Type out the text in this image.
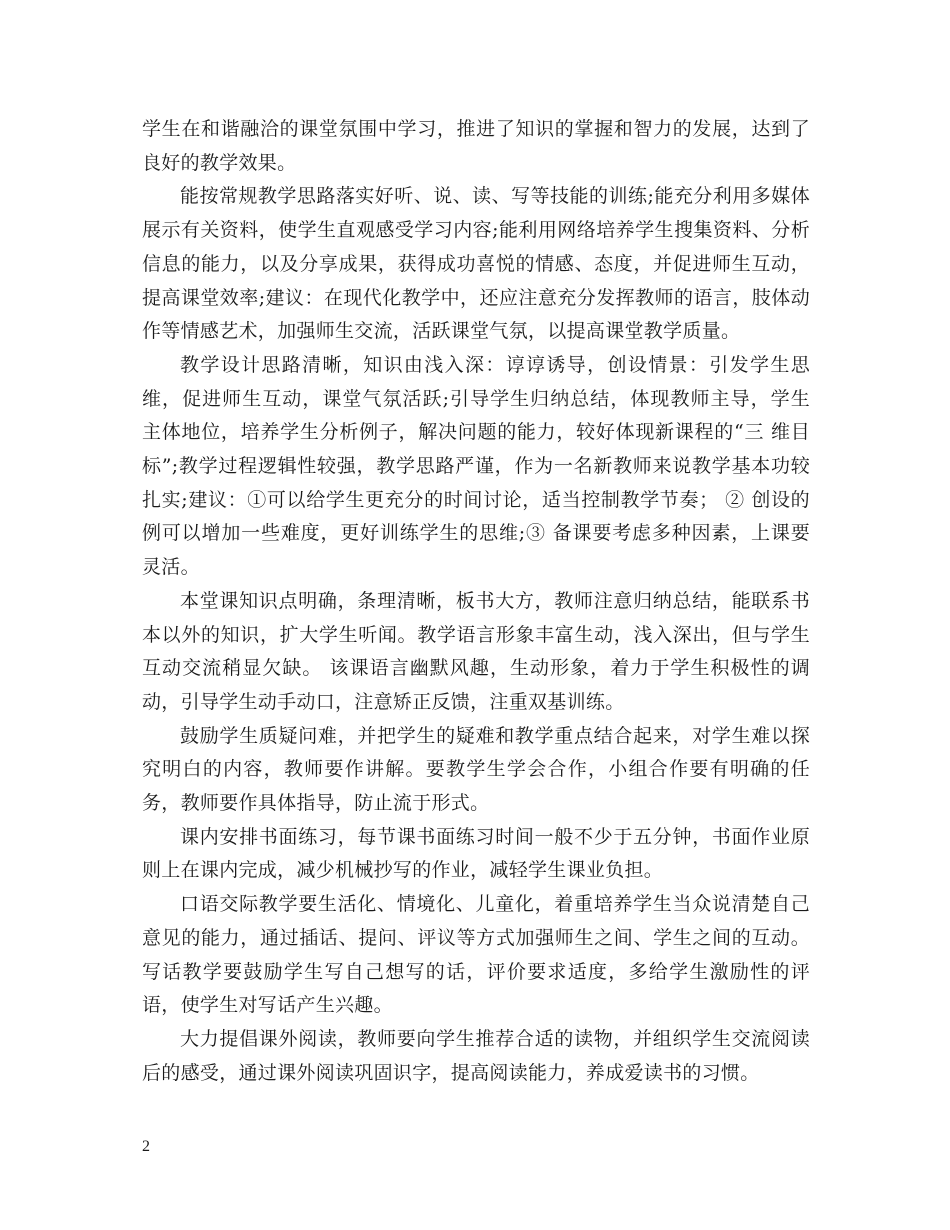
学生在和谐融洽的课堂氛围中学习，推进了知识的掌握和智力的发展，达到了良好的教学效果。

能按常规教学思路落实好听、说、读、写等技能的训练;能充分利用多媒体展示有关资料，使学生直观感受学习内容;能利用网络培养学生搜集资料、分析信息的能力，以及分享成果，获得成功喜悦的情感、态度，并促进师生互动，提高课堂效率;建议：在现代化教学中，还应注意充分发挥教师的语言，肢体动作等情感艺术，加强师生交流，活跃课堂气氛，以提高课堂教学质量。

教学设计思路清晰，知识由浅入深：谆谆诱导，创设情景：引发学生思维，促进师生互动，课堂气氛活跃;引导学生归纳总结，体现教师主导，学生 主体地位，培养学生分析例子，解决问题的能力，较好体现新课程的“三 维目标”;教学过程逻辑性较强，教学思路严谨，作为一名新教师来说教学基本功较 扎实;建议：①可以给学生更充分的时间讨论，适当控制教学节奏； ② 创设的例可以增加一些难度，更好训练学生的思维;③ 备课要考虑多种因素，上课要灵活。

本堂课知识点明确，条理清晰，板书大方，教师注意归纳总结，能联系书本以外的知识，扩大学生听闻。教学语言形象丰富生动，浅入深出，但与学生互动交流稍显欠缺。 该课语言幽默风趣，生动形象，着力于学生积极性的调动，引导学生动手动口，注意矫正反馈，注重双基训练。

鼓励学生质疑问难，并把学生的疑难和教学重点结合起来，对学生难以探究明白的内容，教师要作讲解。要教学生学会合作，小组合作要有明确的任务，教师要作具体指导，防止流于形式。

课内安排书面练习，每节课书面练习时间一般不少于五分钟，书面作业原则上在课内完成，减少机械抄写的作业，减轻学生课业负担。

口语交际教学要生活化、情境化、儿童化，着重培养学生当众说清楚自己意见的能力，通过插话、提问、评议等方式加强师生之间、学生之间的互动。写话教学要鼓励学生写自己想写的话，评价要求适度，多给学生激励性的评语，使学生对写话产生兴趣。

大力提倡课外阅读，教师要向学生推荐合适的读物，并组织学生交流阅读后的感受，通过课外阅读巩固识字，提高阅读能力，养成爱读书的习惯。

2
